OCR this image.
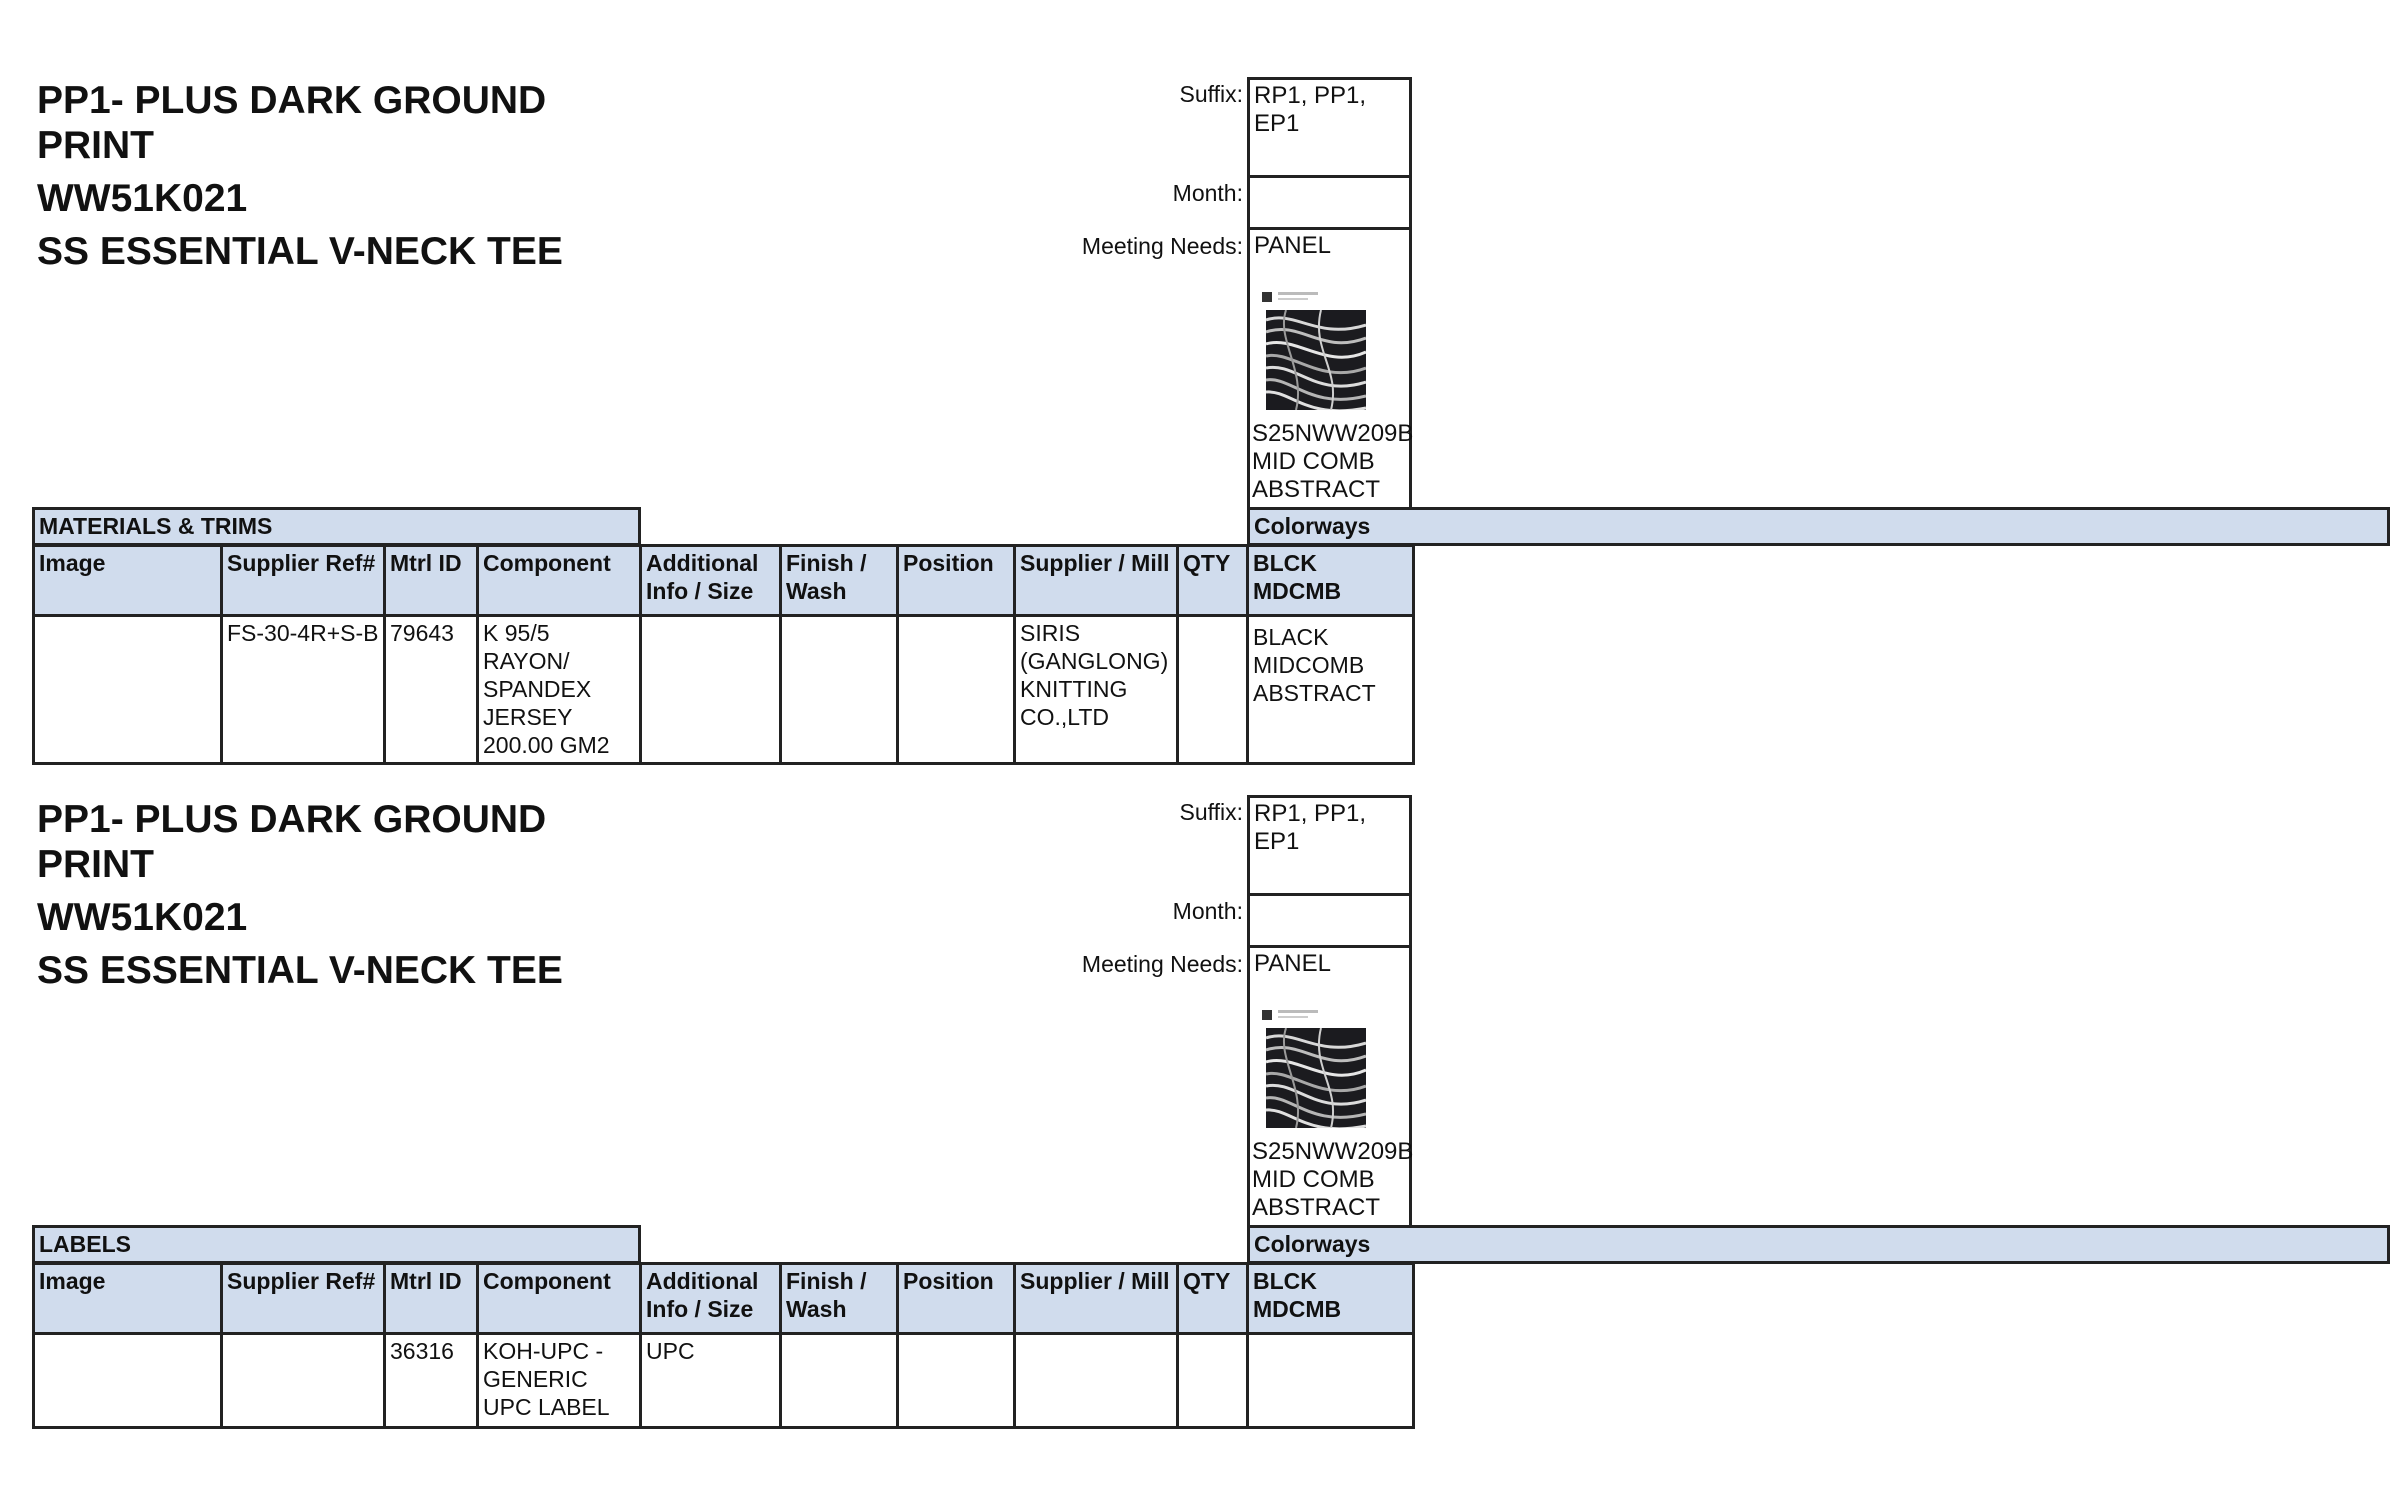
PP1- PLUS DARK GROUND PRINT
WW51K021
SS ESSENTIAL V-NECK TEE
Suffix: RP1, PP1, EP1
Month:
Meeting Needs: PANEL
S25NWW209B MID COMB ABSTRACT
MATERIALS & TRIMS	Colorways
Image	Supplier Ref#	Mtrl ID	Component	Additional Info / Size	Finish / Wash	Position	Supplier / Mill	QTY	BLCK MDCMB
	FS-30-4R+S-B	79643	K 95/5 RAYON/ SPANDEX JERSEY 200.00 GM2				SIRIS (GANGLONG) KNITTING CO.,LTD		BLACK MIDCOMB ABSTRACT
PP1- PLUS DARK GROUND PRINT
WW51K021
SS ESSENTIAL V-NECK TEE
Suffix: RP1, PP1, EP1
Month:
Meeting Needs: PANEL
S25NWW209B MID COMB ABSTRACT
LABELS	Colorways
Image	Supplier Ref#	Mtrl ID	Component	Additional Info / Size	Finish / Wash	Position	Supplier / Mill	QTY	BLCK MDCMB
		36316	KOH-UPC - GENERIC UPC LABEL	UPC					
